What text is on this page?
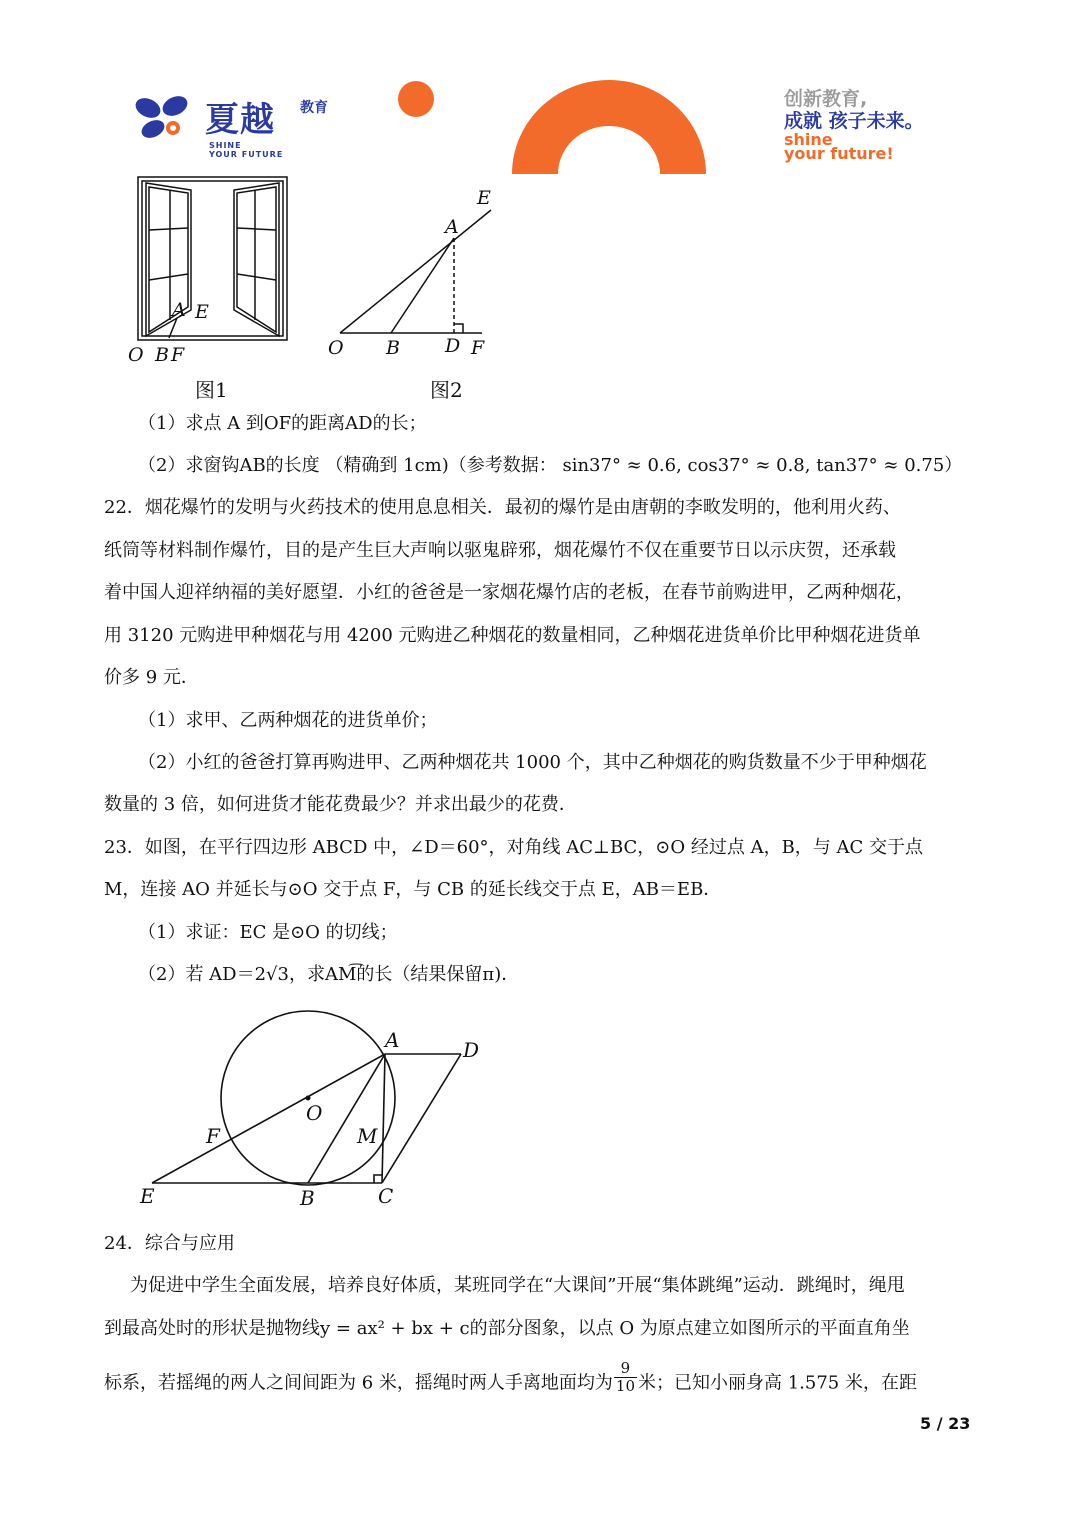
夏越 教育
SHINE
YOUR FUTURE
创新教育,
成就 孩子未来。
shine
your future!
A E
O B F
图1
E
A
O B D F
图2
（1）求点 A 到OF的距离AD的长；
（2）求窗钩AB的长度 （精确到 1cm)（参考数据： sin37° ≈ 0.6, cos37° ≈ 0.8, tan37° ≈ 0.75）
22．烟花爆竹的发明与火药技术的使用息息相关．最初的爆竹是由唐朝的李畋发明的，他利用火药、
纸筒等材料制作爆竹，目的是产生巨大声响以驱鬼辟邪，烟花爆竹不仅在重要节日以示庆贺，还承载
着中国人迎祥纳福的美好愿望．小红的爸爸是一家烟花爆竹店的老板，在春节前购进甲，乙两种烟花，
用 3120 元购进甲种烟花与用 4200 元购进乙种烟花的数量相同，乙种烟花进货单价比甲种烟花进货单
价多 9 元．
（1）求甲、乙两种烟花的进货单价；
（2）小红的爸爸打算再购进甲、乙两种烟花共 1000 个，其中乙种烟花的购货数量不少于甲种烟花
数量的 3 倍，如何进货才能花费最少？并求出最少的花费．
23．如图，在平行四边形 ABCD 中，∠D＝60°，对角线 AC⊥BC，⊙O 经过点 A，B，与 AC 交于点
M，连接 AO 并延长与⊙O 交于点 F，与 CB 的延长线交于点 E，AB＝EB．
（1）求证：EC 是⊙O 的切线；
（2）若 AD＝2√3，求AM͡的长（结果保留π)．
A	D
O
F	M
E	B	C
24．综合与应用
为促进中学生全面发展，培养良好体质，某班同学在“大课间”开展“集体跳绳”运动．跳绳时，绳甩
到最高处时的形状是抛物线y = ax² + bx + c的部分图象，以点 O 为原点建立如图所示的平面直角坐
标系，若摇绳的两人之间间距为 6 米，摇绳时两人手离地面均为 $\frac{9}{10}$ 米；已知小丽身高 1.575 米，在距
5 / 23
